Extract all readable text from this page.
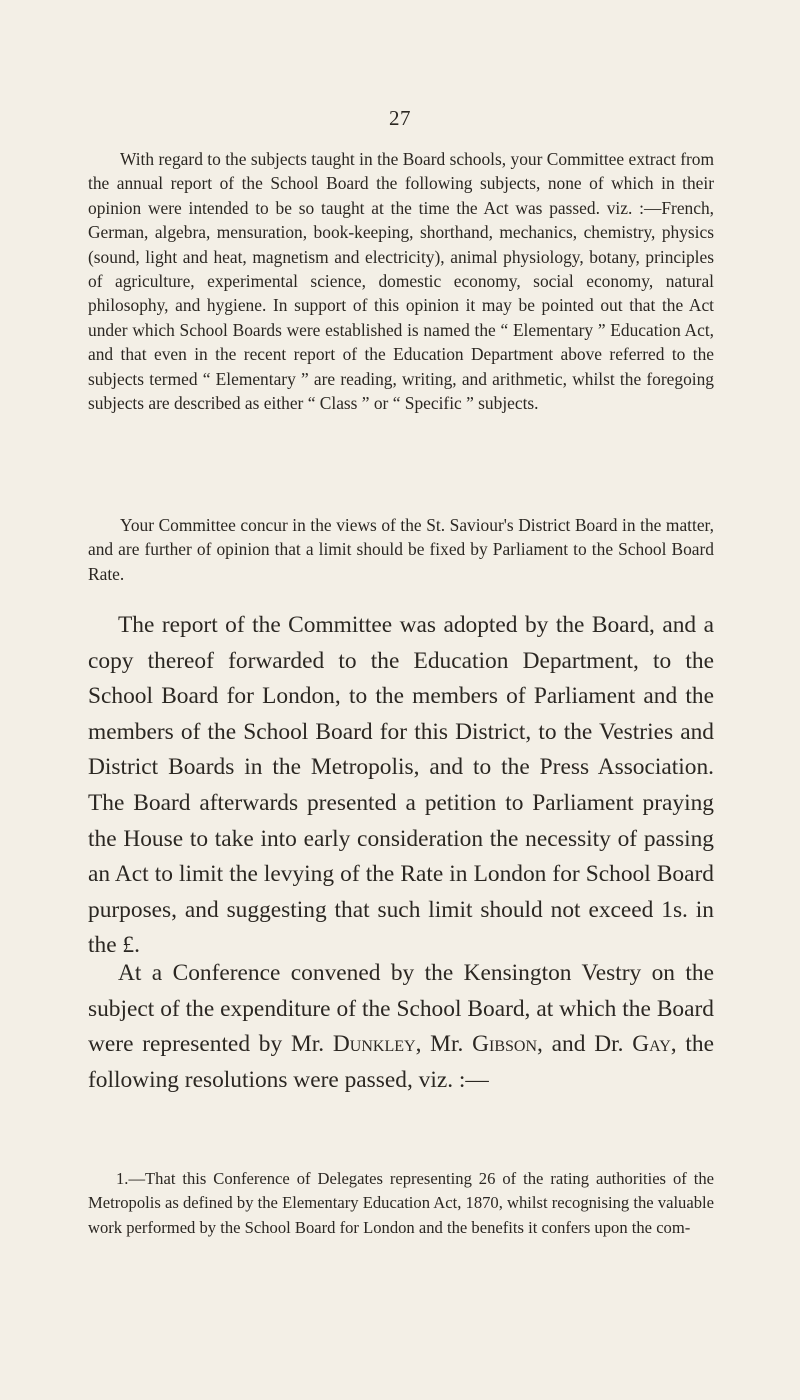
27

With regard to the subjects taught in the Board schools, your Committee extract from the annual report of the School Board the following subjects, none of which in their opinion were intended to be so taught at the time the Act was passed. viz. :—French, German, algebra, mensuration, book-keeping, shorthand, mechanics, chemistry, physics (sound, light and heat, magnetism and electricity), animal physiology, botany, principles of agriculture, experimental science, domestic economy, social economy, natural philosophy, and hygiene. In support of this opinion it may be pointed out that the Act under which School Boards were established is named the “ Elementary ” Education Act, and that even in the recent report of the Education Department above referred to the subjects termed “ Elementary ” are reading, writing, and arithmetic, whilst the foregoing subjects are described as either “ Class ” or “ Specific ” subjects.

Your Committee concur in the views of the St. Saviour's District Board in the matter, and are further of opinion that a limit should be fixed by Parliament to the School Board Rate.

The report of the Committee was adopted by the Board, and a copy thereof forwarded to the Education Department, to the School Board for London, to the members of Parliament and the members of the School Board for this District, to the Vestries and District Boards in the Metropolis, and to the Press Association. The Board afterwards presented a petition to Parliament praying the House to take into early consideration the necessity of passing an Act to limit the levying of the Rate in London for School Board purposes, and suggesting that such limit should not exceed 1s. in the £.

At a Conference convened by the Kensington Vestry on the subject of the expenditure of the School Board, at which the Board were represented by Mr. Dunkley, Mr. Gibson, and Dr. Gay, the following resolutions were passed, viz. :—

1.—That this Conference of Delegates representing 26 of the rating authorities of the Metropolis as defined by the Elementary Education Act, 1870, whilst recognising the valuable work performed by the School Board for London and the benefits it confers upon the com-
